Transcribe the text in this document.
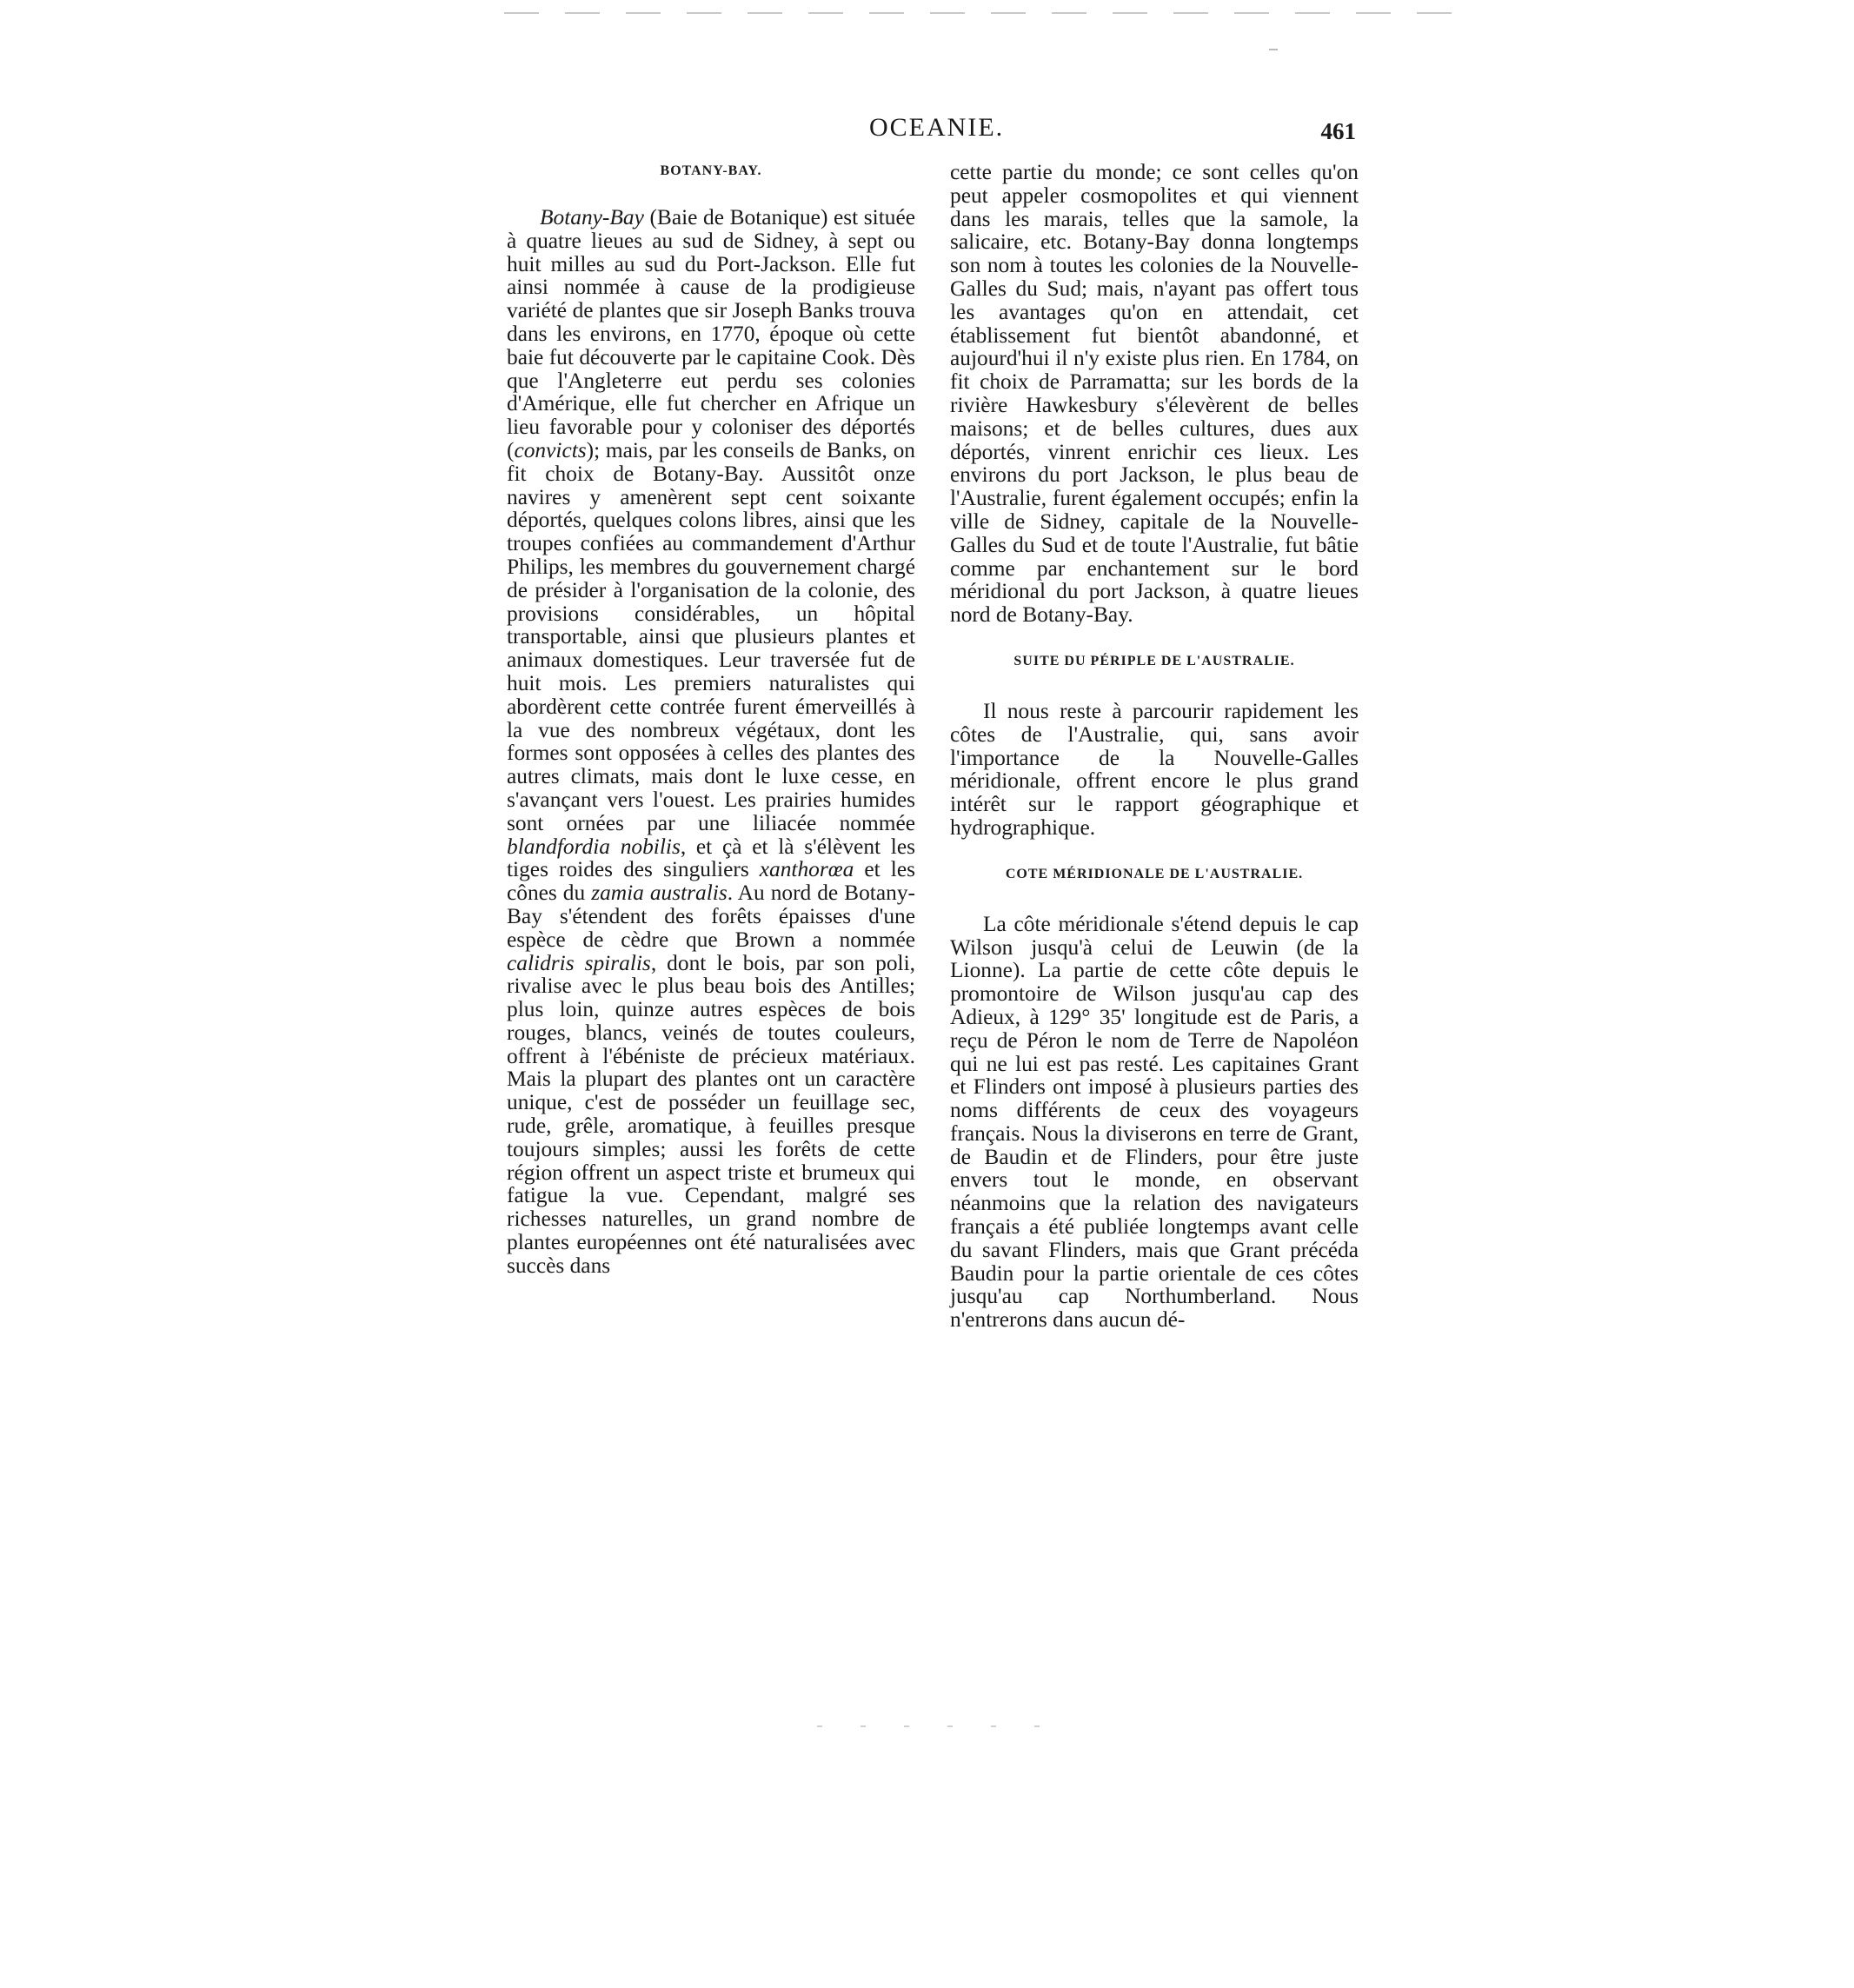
OCEANIE.	461
BOTANY-BAY.

Botany-Bay (Baie de Botanique) est située à quatre lieues au sud de Sidney, à sept ou huit milles au sud du Port-Jackson. Elle fut ainsi nommée à cause de la prodigieuse variété de plantes que sir Joseph Banks trouva dans les environs, en 1770, époque où cette baie fut découverte par le capitaine Cook. Dès que l'Angleterre eut perdu ses colonies d'Amérique, elle fut chercher en Afrique un lieu favorable pour y coloniser des déportés (convicts); mais, par les conseils de Banks, on fit choix de Botany-Bay. Aussitôt onze navires y amenèrent sept cent soixante déportés, quelques colons libres, ainsi que les troupes confiées au commandement d'Arthur Philips, les membres du gouvernement chargé de présider à l'organisation de la colonie, des provisions considérables, un hôpital transportable, ainsi que plusieurs plantes et animaux domestiques. Leur traversée fut de huit mois. Les premiers naturalistes qui abordèrent cette contrée furent émerveillés à la vue des nombreux végétaux, dont les formes sont opposées à celles des plantes des autres climats, mais dont le luxe cesse, en s'avançant vers l'ouest. Les prairies humides sont ornées par une liliacée nommée blandfordia nobilis, et çà et là s'élèvent les tiges roides des singuliers xanthorœa et les cônes du zamia australis. Au nord de Botany-Bay s'étendent des forêts épaisses d'une espèce de cèdre que Brown a nommée calidris spiralis, dont le bois, par son poli, rivalise avec le plus beau bois des Antilles; plus loin, quinze autres espèces de bois rouges, blancs, veinés de toutes couleurs, offrent à l'ébéniste de précieux matériaux. Mais la plupart des plantes ont un caractère unique, c'est de posséder un feuillage sec, rude, grêle, aromatique, à feuilles presque toujours simples; aussi les forêts de cette région offrent un aspect triste et brumeux qui fatigue la vue. Cependant, malgré ses richesses naturelles, un grand nombre de plantes européennes ont été naturalisées avec succès dans

cette partie du monde; ce sont celles qu'on peut appeler cosmopolites et qui viennent dans les marais, telles que la samole, la salicaire, etc. Botany-Bay donna longtemps son nom à toutes les colonies de la Nouvelle-Galles du Sud; mais, n'ayant pas offert tous les avantages qu'on en attendait, cet établissement fut bientôt abandonné, et aujourd'hui il n'y existe plus rien. En 1784, on fit choix de Parramatta; sur les bords de la rivière Hawkesbury s'élevèrent de belles maisons; et de belles cultures, dues aux déportés, vinrent enrichir ces lieux. Les environs du port Jackson, le plus beau de l'Australie, furent également occupés; enfin la ville de Sidney, capitale de la Nouvelle-Galles du Sud et de toute l'Australie, fut bâtie comme par enchantement sur le bord méridional du port Jackson, à quatre lieues nord de Botany-Bay.

SUITE DU PÉRIPLE DE L'AUSTRALIE.

Il nous reste à parcourir rapidement les côtes de l'Australie, qui, sans avoir l'importance de la Nouvelle-Galles méridionale, offrent encore le plus grand intérêt sur le rapport géographique et hydrographique.

COTE MÉRIDIONALE DE L'AUSTRALIE.

La côte méridionale s'étend depuis le cap Wilson jusqu'à celui de Leuwin (de la Lionne). La partie de cette côte depuis le promontoire de Wilson jusqu'au cap des Adieux, à 129° 35' longitude est de Paris, a reçu de Péron le nom de Terre de Napoléon qui ne lui est pas resté. Les capitaines Grant et Flinders ont imposé à plusieurs parties des noms différents de ceux des voyageurs français. Nous la diviserons en terre de Grant, de Baudin et de Flinders, pour être juste envers tout le monde, en observant néanmoins que la relation des navigateurs français a été publiée longtemps avant celle du savant Flinders, mais que Grant précéda Baudin pour la partie orientale de ces côtes jusqu'au cap Northumberland. Nous n'entrerons dans aucun dé-
